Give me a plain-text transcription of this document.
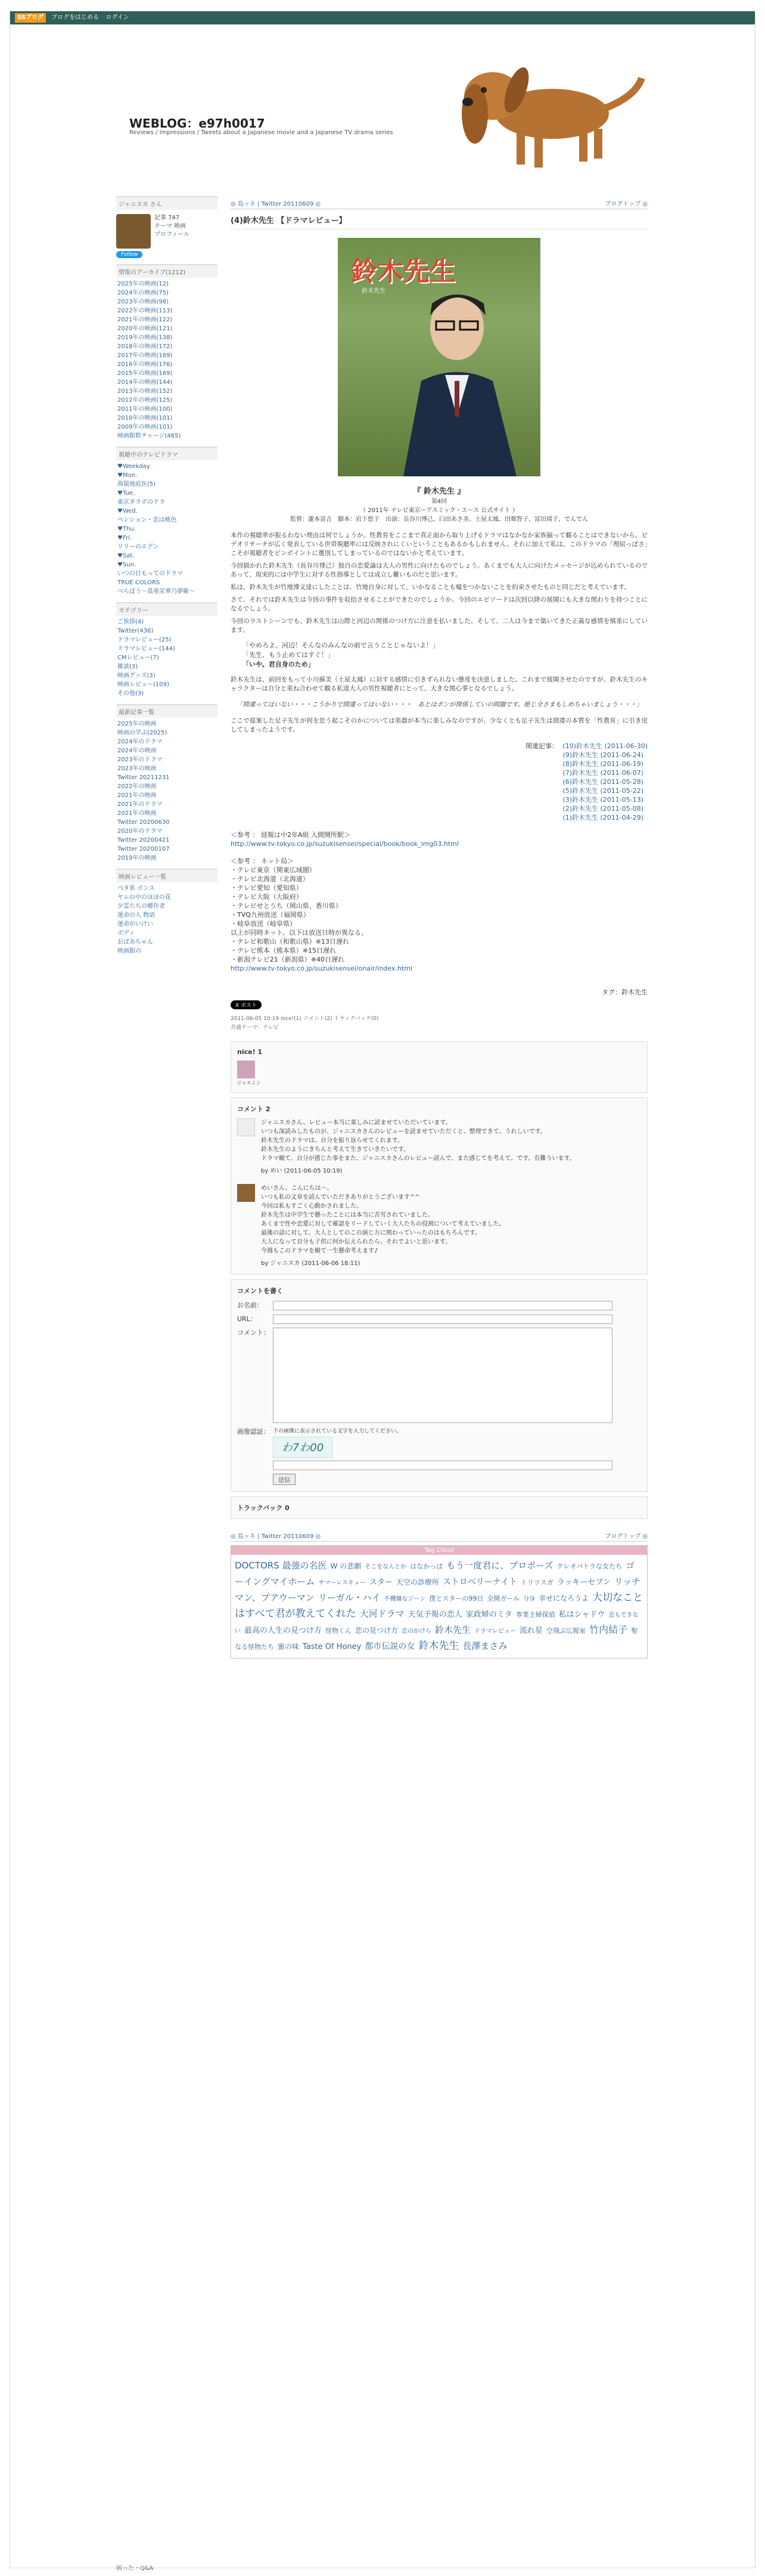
SSブログ ブログをはじめる ログイン
WEBLOG：e97h0017
Reviews / Impressions / Tweets about a Japanese movie and a Japanese TV drama series
ジャニスカ さん
記事 747
テーマ 映画
プロフィール
Follow
情報のアーカイブ(1212)
2025年の映画(12)
2024年の映画(75)
2023年の映画(98)
2022年の映画(113)
2021年の映画(122)
2020年の映画(121)
2019年の映画(138)
2018年の映画(172)
2017年の映画(169)
2016年の映画(176)
2015年の映画(169)
2014年の映画(144)
2013年の映画(152)
2012年の映画(125)
2011年の映画(100)
2010年の映画(101)
2009年の映画(101)
映画館数チャージ(465)
視聴中のテレビドラマ
♥Weekday
♥Mon.
海猿地底医(5)
♥Tue.
東京タラボのドラ
♥Wed.
ペンション・恋は桃色
♥Thu.
♥Fri.
リリーのエデン
♥Sat.
♥Sun.
いつの日もってのドラマ
TRUE COLORS
べらぼう〜蔦重栄華乃夢噺〜
カテゴリー
ご挨拶(4)
Twitter(436)
ドラマレビュー(25)
ドラマレビュー(144)
CMレビュー(7)
雑談(3)
映画グッズ(3)
映画レビュー(109)
その他(3)
最新記事一覧
2025年の映画
映画の学ぶ(2025)
2024年のドラマ
2024年の映画
2023年のドラマ
2023年の映画
Twitter 20211231
2022年の映画
2021年の映画
2021年のドラマ
2021年の映画
Twitter 20200630
2020年のドラマ
Twitter 20200421
Twitter 20200107
2019年の映画
映画レビュー一覧
ベタ系 ボンス
ヤムの中のほほの花
夕霊たちの郷作者
運命の人 物語
運命がいけい
ボディ
おばあちゃん
映画館の
◎ 島ッネ | Twitter 20110609 ◎	ブログトップ ◎
(4)鈴木先生 【ドラマレビュー】
鈴木先生
鈴木先生
『 鈴木先生 』
第4回
（ 2011年 テレビ東京ーアスミック・エース 公式サイト ）
監督：瀧本富吉　脚本：岩下悠子　出演：長谷川博己、臼田あさ美、土屋太鳳、田畑智子、冨田靖子、でんでん

本作の視聴率が振るわない理由は何でしょうか。性教育をここまで真正面から取り上げるドラマはなかなか家族揃って観ることはできないから。ビデオリサーチが広く発表している世帯視聴率には反映されにくいということもあるかもしれません。それに加えて私は、このドラマの「理屈っぽさ」こそが視聴者をピンボイントに選別してしまっているのではないかと考えています。

今回描かれた鈴木先生（長谷川博己）独自の恋愛論は大人の男性に向けたものでしょう。あくまでも大人に向けたメッセージが込められているのであって、現実的には中学生に対する性指導としては成立し難いものだと思います。

私は、鈴木先生が竹地博文達にしたことは、竹地自身に対して、いかなることも嘘をつかないことを約束させたものと同じだと考えています。

さて、それでは鈴木先生は今回の事件を収拾させることができたのでしょうか。今回のエピソードは次回以降の展開にも大きな関わりを持つことになるでしょう。

今回のラストシーンでも、鈴木先生は山際と河辺の関係のつけ方に注意を払いました。そして、二人は今まで築いてきた正義な感情を慎重にしています。

「やめろよ、河辺！そんなのみんなの前で言うことじゃないよ！」
「先生、もう止めてはすぐ！」
「いや。君自身のため」

鈴木先生は、前回をもって小川蘇美（土屋太鳳）に対する感情に引きずられない態度を決意しました。これまで展開させたのですが、鈴木先生のキャラクターは自分と重ね合わせて観る私達大人の男性視聴者にとって、大きな関心事となるでしょう。

「間違ってはいない・・・こうかりで間違ってはいない・・・　あとはボンが関係していの問題です。絶じ全さまもしめちゃいましょう・・・」

ここで提案した足子先生が何を思う起こそのかについては楽器が本当に楽しみなのですが、少なくとも足子先生は間違の本質を「性教育」に引き戻してしまったようです。

関連記事： (10)鈴木先生 (2011-06-30)
(9)鈴木先生 (2011-06-24)
(8)鈴木先生 (2011-06-19)
(7)鈴木先生 (2011-06-07)
(6)鈴木先生 (2011-05-28)
(5)鈴木先生 (2011-05-22)
(3)鈴木先生 (2011-05-13)
(2)鈴木先生 (2011-05-08)
(1)鈴木先生 (2011-04-29)
＜参考 ： 経報は中2年A組 入間開所駅＞
http://www.tv-tokyo.co.jp/suzukisensei/special/book/book_img03.html
＜参考 ： ネット局＞
・テレビ東京（関東広域圏）
・テレビ北海道（北海道）
・テレビ愛知（愛知県）
・テレビ大阪（大阪府）
・テレビせとうち（岡山県、香川県）
・TVQ九州放送（福岡県）
・岐阜放送（岐阜県）
以上が同時ネット。以下は放送日時が異なる。
・テレビ和歌山（和歌山県）※13日遅れ
・テレビ熊本（熊本県）※15日遅れ
・新潟テレビ21（新潟県）※40日遅れ
http://www.tv-tokyo.co.jp/suzukisensei/onair/index.html
タグ：鈴木先生
X ポスト
2011-06-05 10:19 nice!(1) コメント(2) トラックバック(0)
共通テーマ：テレビ
nice! 1
ジャスミン
コメント 2
ジャニスカさん、レビュー本当に楽しみに読ませていただいています。
いつも深読みしたものが、ジャニスカさんのレビューを読ませていただくと、整理できて、うれしいです。
鈴木先生のドラマは、自分を振り返らせてくれます。
鈴木先生のようにきちんと考えて生きていきたいです。
ドラマ観て、自分が感じた事をまた、ジャニスカさんのレビュー読んで、また感じてを考えて。です。有難ういます。
by めい (2011-06-05 10:19)
めいさん、こんにちは〜。
いつも私の文章を読んでいただきありがとうございます^^
今回は私もすごく心動かされました。
鈴木先生は中学生で懸ったことには本当に苦労されていました。
あくまで性や恋愛に対して確認をリードしていく大人たちの役割について考えていました。
最後の話に対して、大人としてのこの演じ方に関わっていったのはもちろんです。
大人になって自分も子供に何か伝えられたら、それでよいと思います。
今週もこのドラマを観て一生懸命考えます♪
by ジャニスカ (2011-06-06 18:11)
コメントを書く
お名前：
URL：
コメント：
画像認証： 下の画像に表示されている文字を入力してください。
わ7わ00
送信
トラックバック 0
◎ 島ッネ | Twitter 20110609 ◎	ブログトップ ◎
Tag Cloud
DOCTORS 最強の名医 W の悲劇 そこをなんとか はなかっぱ もう一度君に、プロポーズ クレオパトラな女たち ゴーイングマイホーム サマーレスキュー スター 天空の診療所 ストロベリーナイト トリリスガ ラッキーセブン リッチマン、プアウーマン リーガル・ハイ 不機嫌なジーン 僕とスターの99日 全開ガール 分身 幸せになろうよ 大切なことはすべて君が教えてくれた 大河ドラマ 天気予報の恋人 家政婦のミタ 専業主婦探偵 私はシャドウ 息もできない 最高の人生の見つけ方 怪物くん 恋の見つけ方 恋のかけら 鈴木先生 ドラマレビュー 流れ星 空飛ぶ広報室 竹内結子 聖なる怪物たち 蜜の味 Taste Of Honey 都市伝説の女 鈴木先生 長澤まさみ
困った・Q&A
